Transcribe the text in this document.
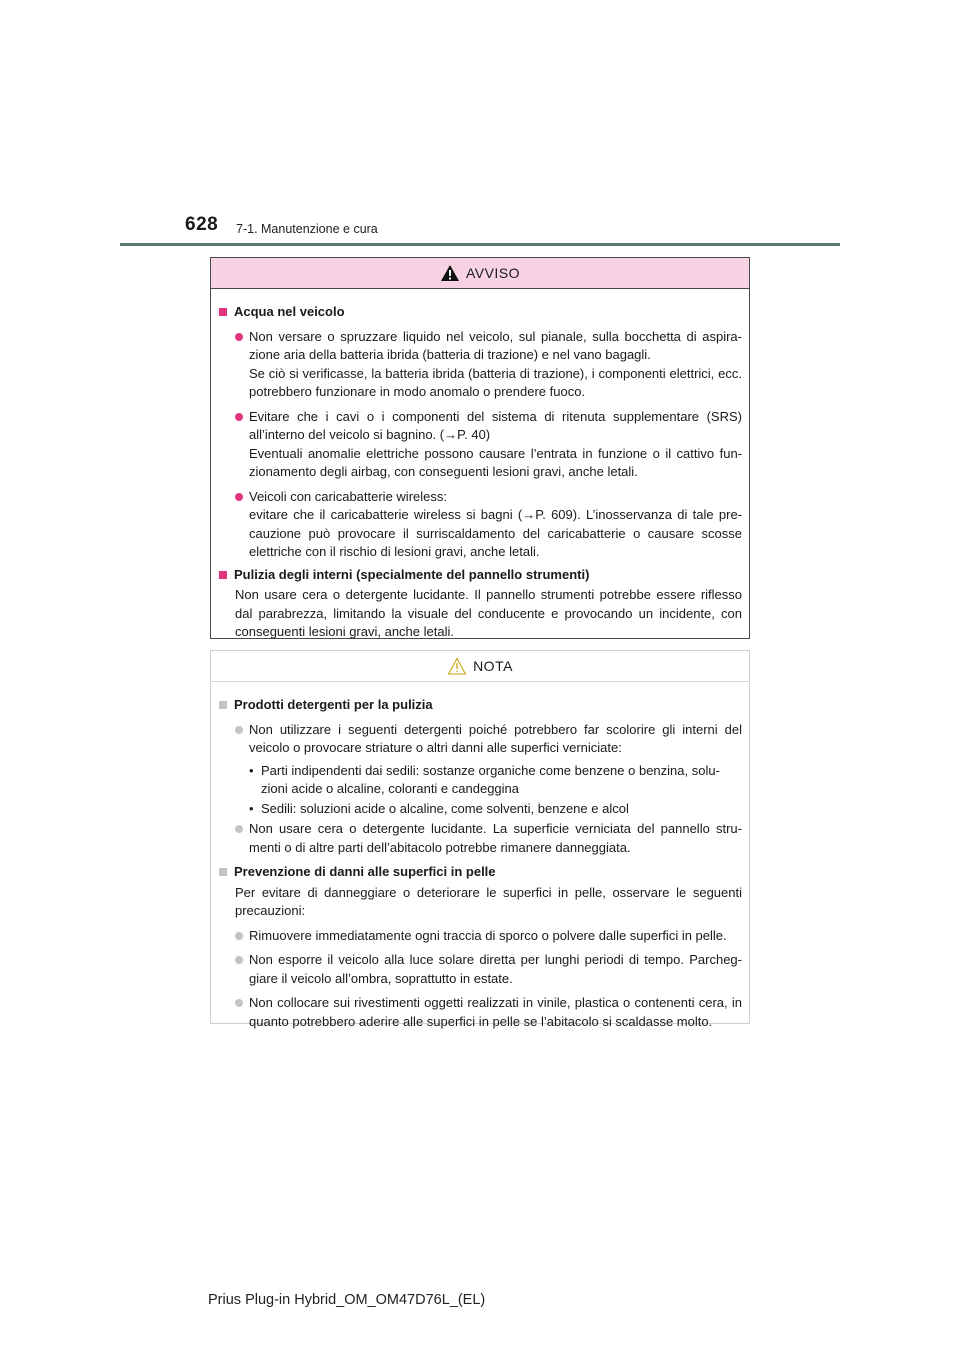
628 7-1. Manutenzione e cura
AVVISO
Acqua nel veicolo
Non versare o spruzzare liquido nel veicolo, sul pianale, sulla bocchetta di aspira-zione aria della batteria ibrida (batteria di trazione) e nel vano bagagli.
Se ciò si verificasse, la batteria ibrida (batteria di trazione), i componenti elettrici, ecc. potrebbero funzionare in modo anomalo o prendere fuoco.
Evitare che i cavi o i componenti del sistema di ritenuta supplementare (SRS) all’interno del veicolo si bagnino. (→P. 40)
Eventuali anomalie elettriche possono causare l’entrata in funzione o il cattivo fun-zionamento degli airbag, con conseguenti lesioni gravi, anche letali.
Veicoli con caricabatterie wireless:
evitare che il caricabatterie wireless si bagni (→P. 609). L’inosservanza di tale pre-cauzione può provocare il surriscaldamento del caricabatterie o causare scosse elettriche con il rischio di lesioni gravi, anche letali.
Pulizia degli interni (specialmente del pannello strumenti)
Non usare cera o detergente lucidante. Il pannello strumenti potrebbe essere riflesso dal parabrezza, limitando la visuale del conducente e provocando un incidente, con conseguenti lesioni gravi, anche letali.
NOTA
Prodotti detergenti per la pulizia
Non utilizzare i seguenti detergenti poiché potrebbero far scolorire gli interni del veicolo o provocare striature o altri danni alle superfici verniciate:
• Parti indipendenti dai sedili: sostanze organiche come benzene o benzina, solu-zioni acide o alcaline, coloranti e candeggina
• Sedili: soluzioni acide o alcaline, come solventi, benzene e alcol
Non usare cera o detergente lucidante. La superficie verniciata del pannello stru-menti o di altre parti dell’abitacolo potrebbe rimanere danneggiata.
Prevenzione di danni alle superfici in pelle
Per evitare di danneggiare o deteriorare le superfici in pelle, osservare le seguenti precauzioni:
Rimuovere immediatamente ogni traccia di sporco o polvere dalle superfici in pelle.
Non esporre il veicolo alla luce solare diretta per lunghi periodi di tempo. Parcheg-giare il veicolo all’ombra, soprattutto in estate.
Non collocare sui rivestimenti oggetti realizzati in vinile, plastica o contenenti cera, in quanto potrebbero aderire alle superfici in pelle se l’abitacolo si scaldasse molto.
Prius Plug-in Hybrid_OM_OM47D76L_(EL)
